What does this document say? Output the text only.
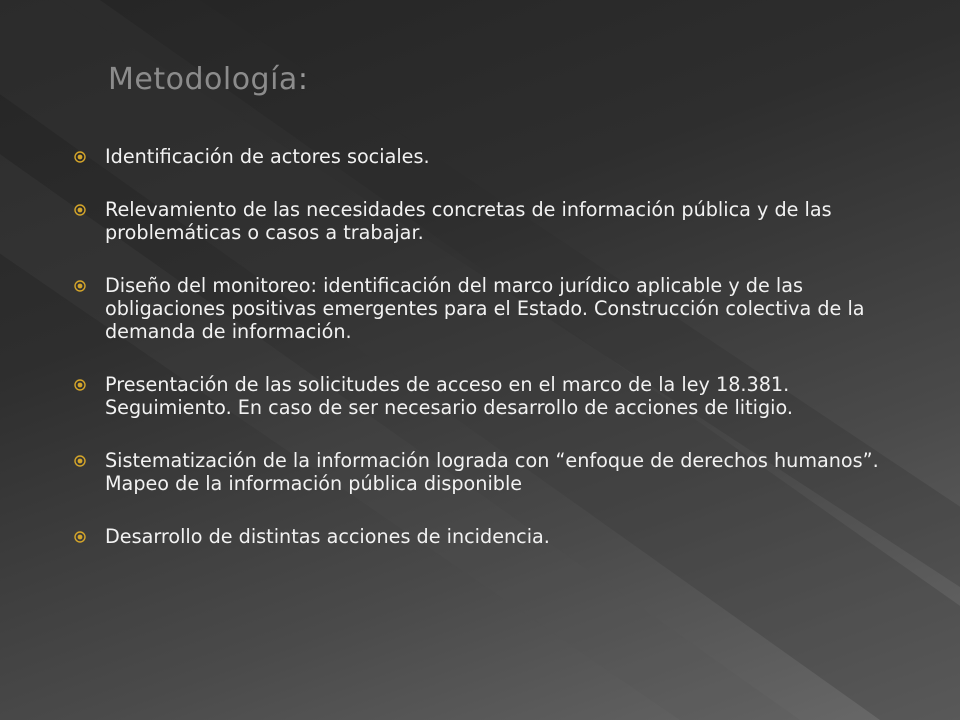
Metodología:
Identificación de actores sociales.
Relevamiento de las necesidades concretas de información pública y de las problemáticas o casos a trabajar.
Diseño del monitoreo: identificación del marco jurídico aplicable y de las obligaciones positivas emergentes para el Estado. Construcción colectiva de la demanda de información.
Presentación de las solicitudes de acceso en el marco de la ley 18.381. Seguimiento. En caso de ser necesario desarrollo de acciones de litigio.
Sistematización de la información lograda con “enfoque de derechos humanos”. Mapeo de la información pública disponible
Desarrollo de distintas acciones de incidencia.
